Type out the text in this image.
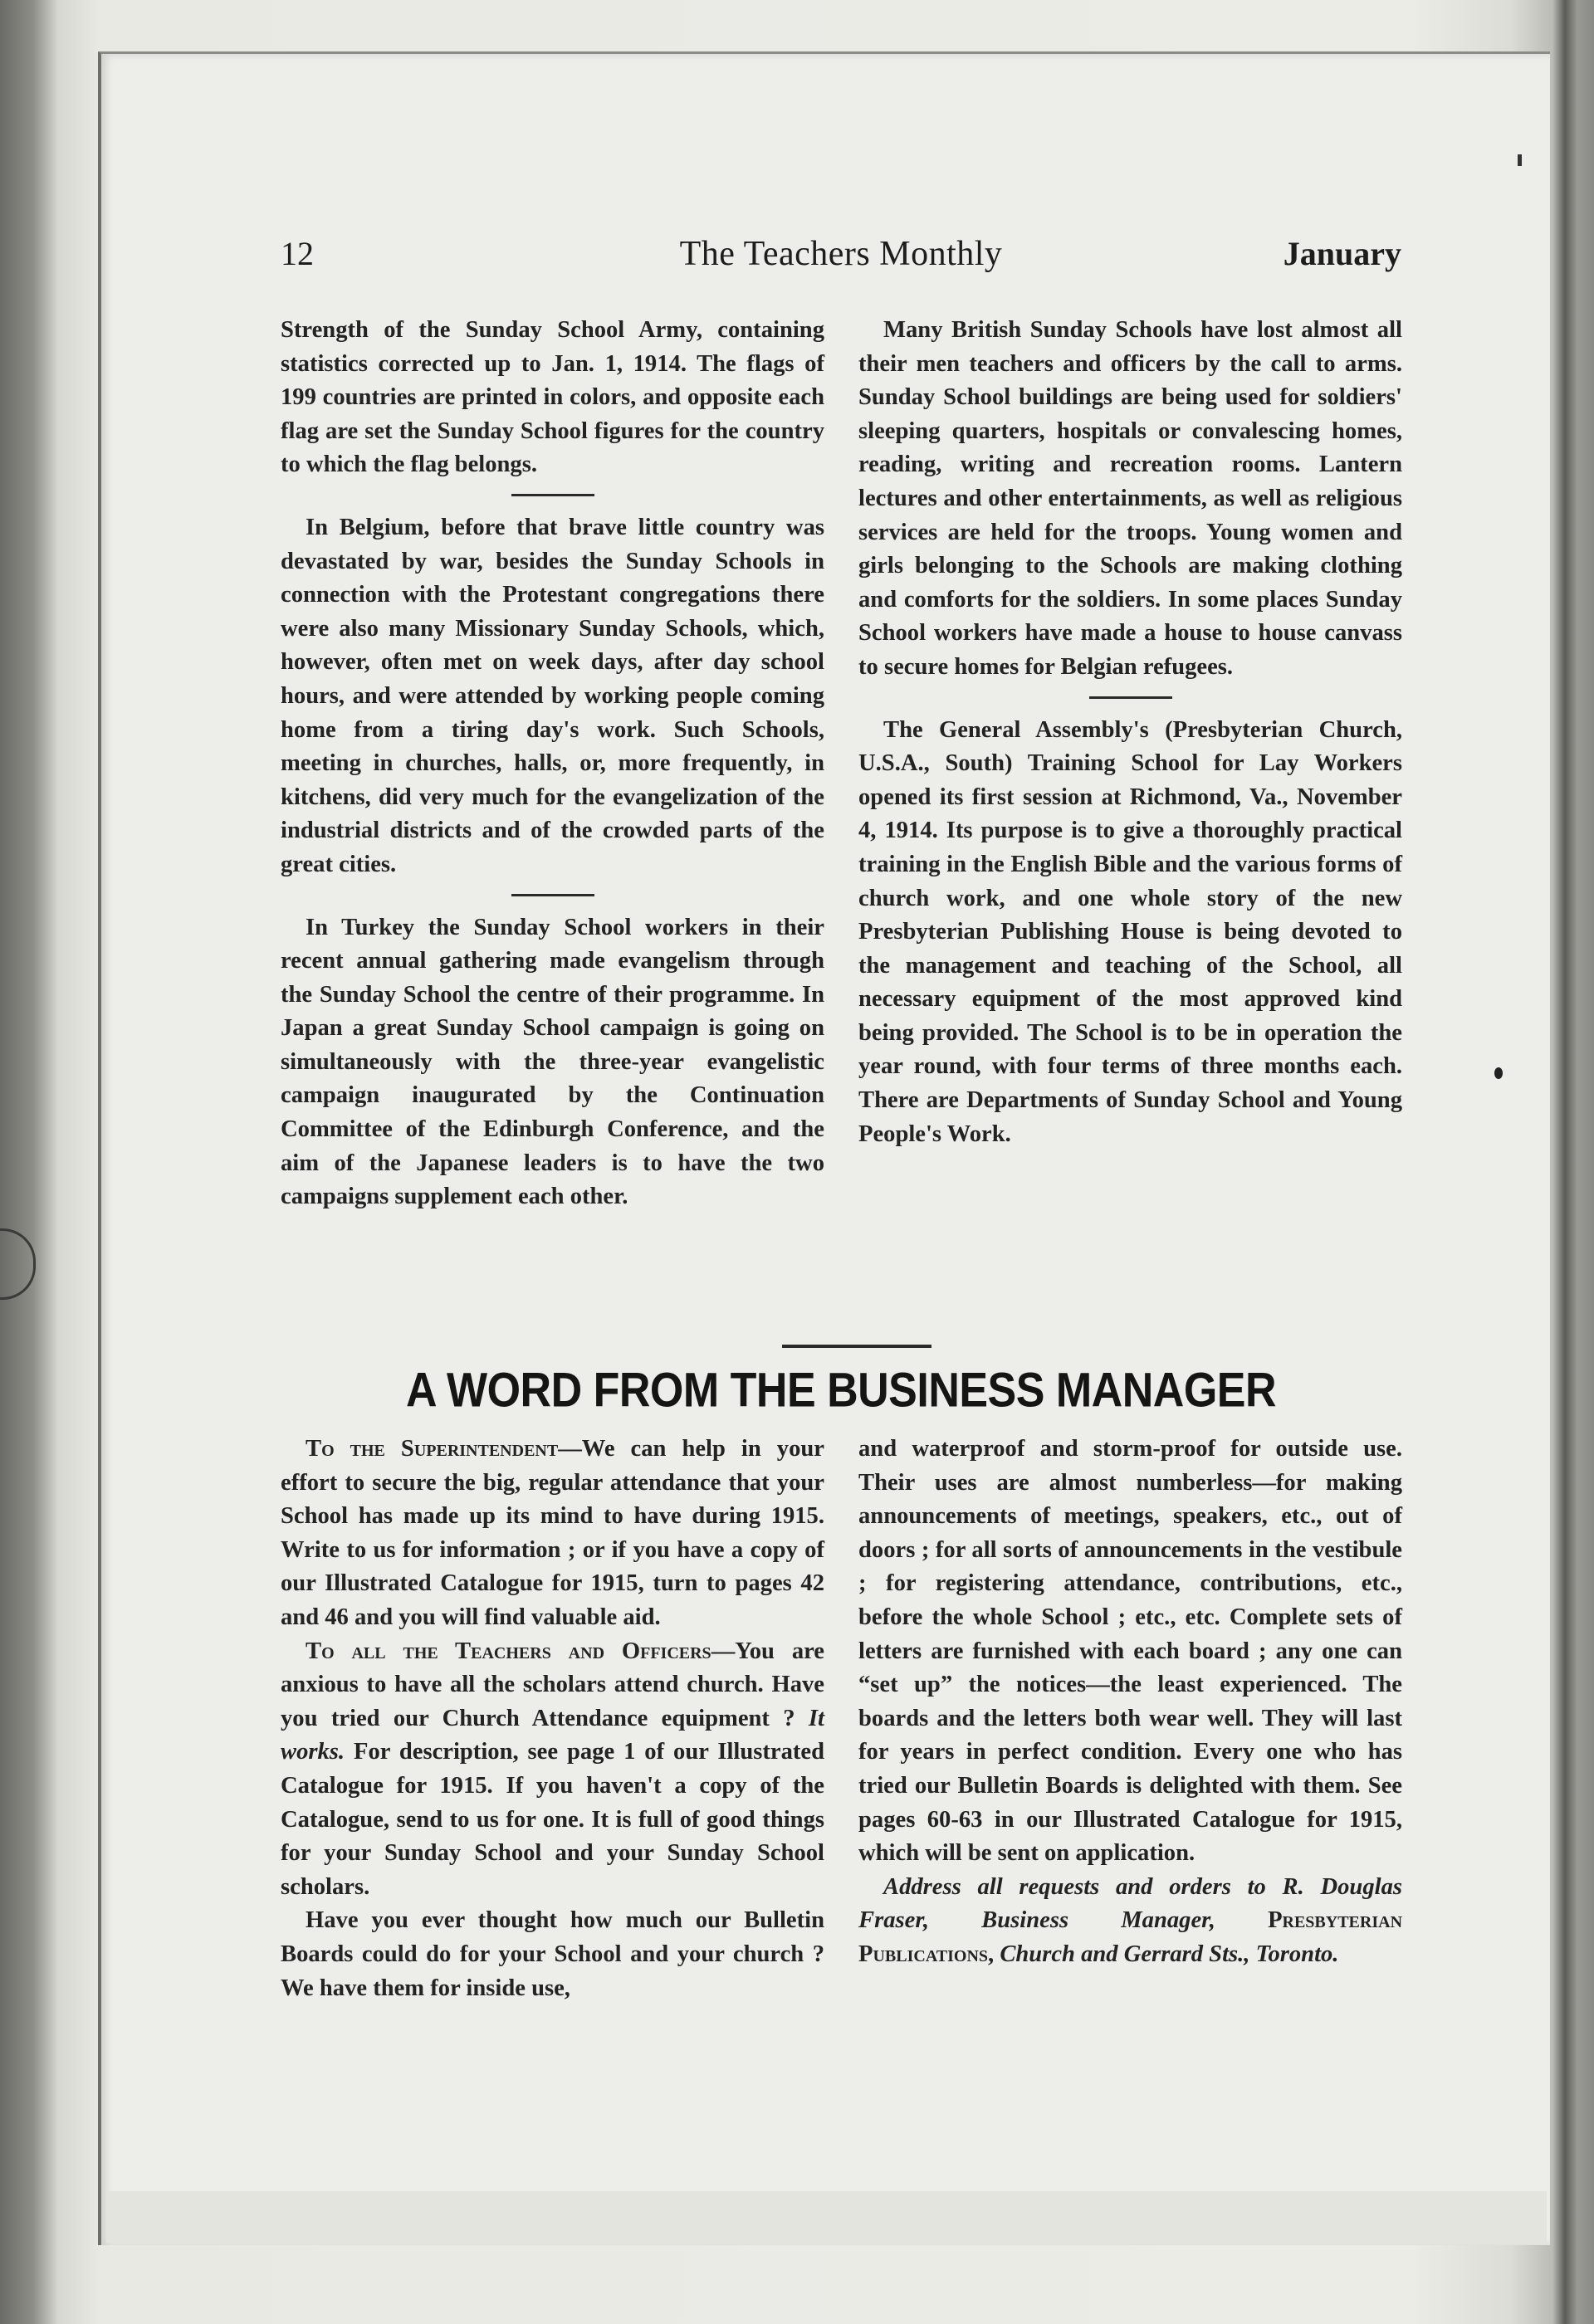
12	The Teachers Monthly	January

Strength of the Sunday School Army, containing statistics corrected up to Jan. 1, 1914. The flags of 199 countries are printed in colors, and opposite each flag are set the Sunday School figures for the country to which the flag belongs.

In Belgium, before that brave little country was devastated by war, besides the Sunday Schools in connection with the Protestant congregations there were also many Missionary Sunday Schools, which, however, often met on week days, after day school hours, and were attended by working people coming home from a tiring day's work. Such Schools, meeting in churches, halls, or, more frequently, in kitchens, did very much for the evangelization of the industrial districts and of the crowded parts of the great cities.

In Turkey the Sunday School workers in their recent annual gathering made evangelism through the Sunday School the centre of their programme. In Japan a great Sunday School campaign is going on simultaneously with the three-year evangelistic campaign inaugurated by the Continuation Committee of the Edinburgh Conference, and the aim of the Japanese leaders is to have the two campaigns supplement each other.

Many British Sunday Schools have lost almost all their men teachers and officers by the call to arms. Sunday School buildings are being used for soldiers' sleeping quarters, hospitals or convalescing homes, reading, writing and recreation rooms. Lantern lectures and other entertainments, as well as religious services are held for the troops. Young women and girls belonging to the Schools are making clothing and comforts for the soldiers. In some places Sunday School workers have made a house to house canvass to secure homes for Belgian refugees.

The General Assembly's (Presbyterian Church, U.S.A., South) Training School for Lay Workers opened its first session at Richmond, Va., November 4, 1914. Its purpose is to give a thoroughly practical training in the English Bible and the various forms of church work, and one whole story of the new Presbyterian Publishing House is being devoted to the management and teaching of the School, all necessary equipment of the most approved kind being provided. The School is to be in operation the year round, with four terms of three months each. There are Departments of Sunday School and Young People's Work.

A WORD FROM THE BUSINESS MANAGER

To the Superintendent—We can help in your effort to secure the big, regular attendance that your School has made up its mind to have during 1915. Write to us for information ; or if you have a copy of our Illustrated Catalogue for 1915, turn to pages 42 and 46 and you will find valuable aid.

To all the Teachers and Officers—You are anxious to have all the scholars attend church. Have you tried our Church Attendance equipment ? It works. For description, see page 1 of our Illustrated Catalogue for 1915. If you haven't a copy of the Catalogue, send to us for one. It is full of good things for your Sunday School and your Sunday School scholars.

Have you ever thought how much our Bulletin Boards could do for your School and your church ? We have them for inside use,

and waterproof and storm-proof for outside use. Their uses are almost numberless—for making announcements of meetings, speakers, etc., out of doors ; for all sorts of announcements in the vestibule ; for registering attendance, contributions, etc., before the whole School ; etc., etc. Complete sets of letters are furnished with each board ; any one can “set up” the notices—the least experienced. The boards and the letters both wear well. They will last for years in perfect condition. Every one who has tried our Bulletin Boards is delighted with them. See pages 60-63 in our Illustrated Catalogue for 1915, which will be sent on application.

Address all requests and orders to R. Douglas Fraser, Business Manager, Presbyterian Publications, Church and Gerrard Sts., Toronto.
